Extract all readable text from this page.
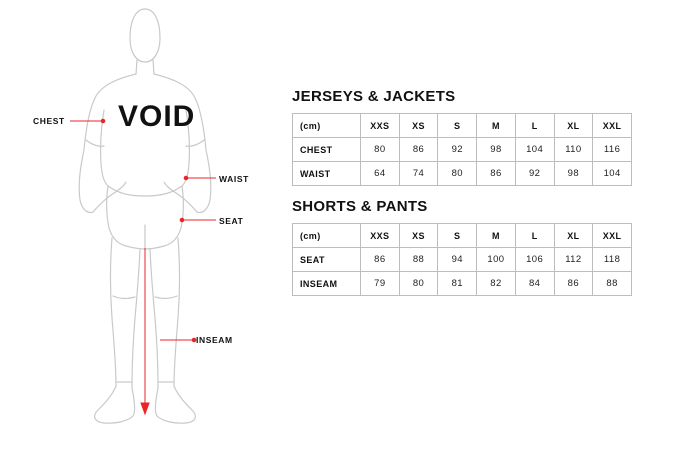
VOID
CHEST
WAIST
SEAT
INSEAM
JERSEYS & JACKETS
(cm)	XXS	XS	S	M	L	XL	XXL
CHEST	80	86	92	98	104	110	116
WAIST	64	74	80	86	92	98	104
SHORTS & PANTS
(cm)	XXS	XS	S	M	L	XL	XXL
SEAT	86	88	94	100	106	112	118
INSEAM	79	80	81	82	84	86	88
